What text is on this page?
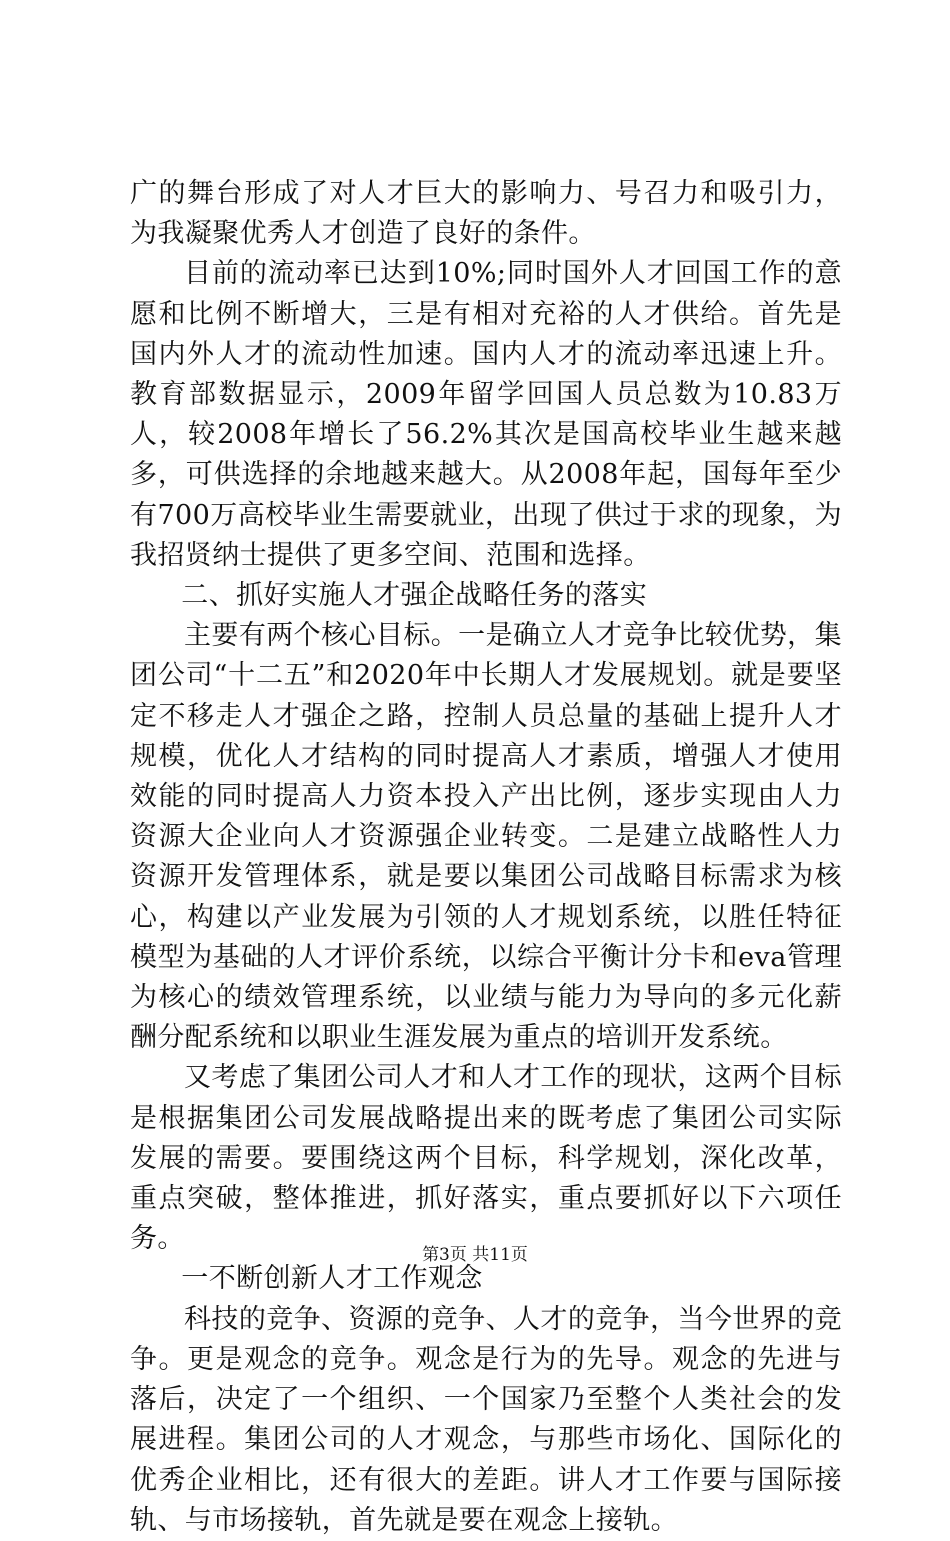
广的舞台形成了对人才巨大的影响力、号召力和吸引力，为我凝聚优秀人才创造了良好的条件。

目前的流动率已达到10%;同时国外人才回国工作的意愿和比例不断增大，三是有相对充裕的人才供给。首先是国内外人才的流动性加速。国内人才的流动率迅速上升。教育部数据显示，2009年留学回国人员总数为10.83万人，较2008年增长了56.2%其次是国高校毕业生越来越多，可供选择的余地越来越大。从2008年起，国每年至少有700万高校毕业生需要就业，出现了供过于求的现象，为我招贤纳士提供了更多空间、范围和选择。

二、抓好实施人才强企战略任务的落实

主要有两个核心目标。一是确立人才竞争比较优势，集团公司“十二五”和2020年中长期人才发展规划。就是要坚定不移走人才强企之路，控制人员总量的基础上提升人才规模，优化人才结构的同时提高人才素质，增强人才使用效能的同时提高人力资本投入产出比例，逐步实现由人力资源大企业向人才资源强企业转变。二是建立战略性人力资源开发管理体系，就是要以集团公司战略目标需求为核心，构建以产业发展为引领的人才规划系统，以胜任特征模型为基础的人才评价系统，以综合平衡计分卡和eva管理为核心的绩效管理系统，以业绩与能力为导向的多元化薪酬分配系统和以职业生涯发展为重点的培训开发系统。

又考虑了集团公司人才和人才工作的现状，这两个目标是根据集团公司发展战略提出来的既考虑了集团公司实际发展的需要。要围绕这两个目标，科学规划，深化改革，重点突破，整体推进，抓好落实，重点要抓好以下六项任务。

一不断创新人才工作观念

科技的竞争、资源的竞争、人才的竞争，当今世界的竞争。更是观念的竞争。观念是行为的先导。观念的先进与落后，决定了一个组织、一个国家乃至整个人类社会的发展进程。集团公司的人才观念，与那些市场化、国际化的优秀企业相比，还有很大的差距。讲人才工作要与国际接轨、与市场接轨，首先就是要在观念上接轨。

第3页 共11页
